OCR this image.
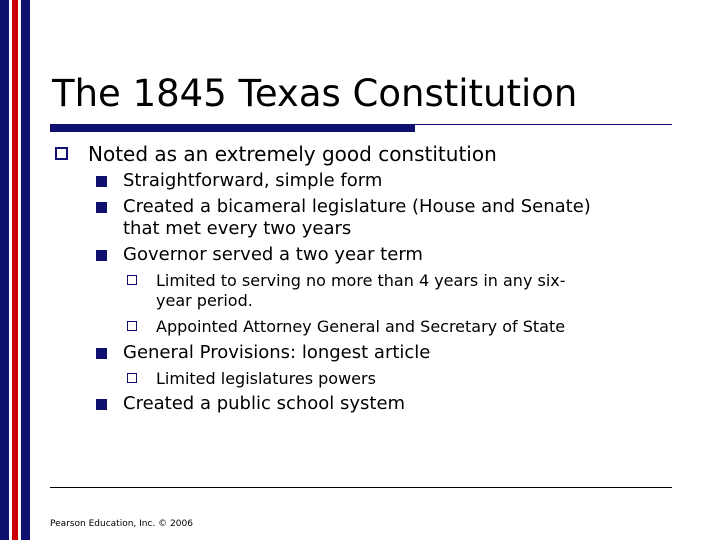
The 1845 Texas Constitution
Noted as an extremely good constitution
Straightforward, simple form
Created a bicameral legislature (House and Senate)
that met every two years
Governor served a two year term
Limited to serving no more than 4 years in any six-
year period.
Appointed Attorney General and Secretary of State
General Provisions: longest article
Limited legislatures powers
Created a public school system
Pearson Education, Inc. © 2006
